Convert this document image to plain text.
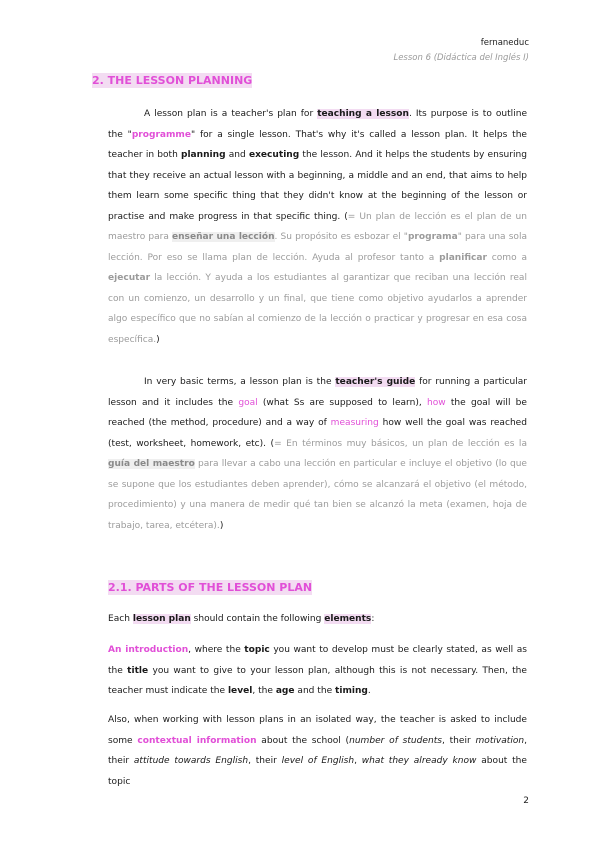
fernaneduc
Lesson 6 (Didáctica del Inglés I)
2. THE LESSON PLANNING

A lesson plan is a teacher's plan for teaching a lesson. Its purpose is to outline the "programme" for a single lesson. That's why it's called a lesson plan. It helps the teacher in both planning and executing the lesson. And it helps the students by ensuring that they receive an actual lesson with a beginning, a middle and an end, that aims to help them learn some specific thing that they didn't know at the beginning of the lesson or practise and make progress in that specific thing. (= Un plan de lección es el plan de un maestro para enseñar una lección. Su propósito es esbozar el "programa" para una sola lección. Por eso se llama plan de lección. Ayuda al profesor tanto a planificar como a ejecutar la lección. Y ayuda a los estudiantes al garantizar que reciban una lección real con un comienzo, un desarrollo y un final, que tiene como objetivo ayudarlos a aprender algo específico que no sabían al comienzo de la lección o practicar y progresar en esa cosa específica.)

In very basic terms, a lesson plan is the teacher's guide for running a particular lesson and it includes the goal (what Ss are supposed to learn), how the goal will be reached (the method, procedure) and a way of measuring how well the goal was reached (test, worksheet, homework, etc). (= En términos muy básicos, un plan de lección es la guía del maestro para llevar a cabo una lección en particular e incluye el objetivo (lo que se supone que los estudiantes deben aprender), cómo se alcanzará el objetivo (el método, procedimiento) y una manera de medir qué tan bien se alcanzó la meta (examen, hoja de trabajo, tarea, etcétera).)

2.1. PARTS OF THE LESSON PLAN

Each lesson plan should contain the following elements:

An introduction, where the topic you want to develop must be clearly stated, as well as the title you want to give to your lesson plan, although this is not necessary. Then, the teacher must indicate the level, the age and the timing.

Also, when working with lesson plans in an isolated way, the teacher is asked to include some contextual information about the school (number of students, their motivation, their attitude towards English, their level of English, what they already know about the topic

2
